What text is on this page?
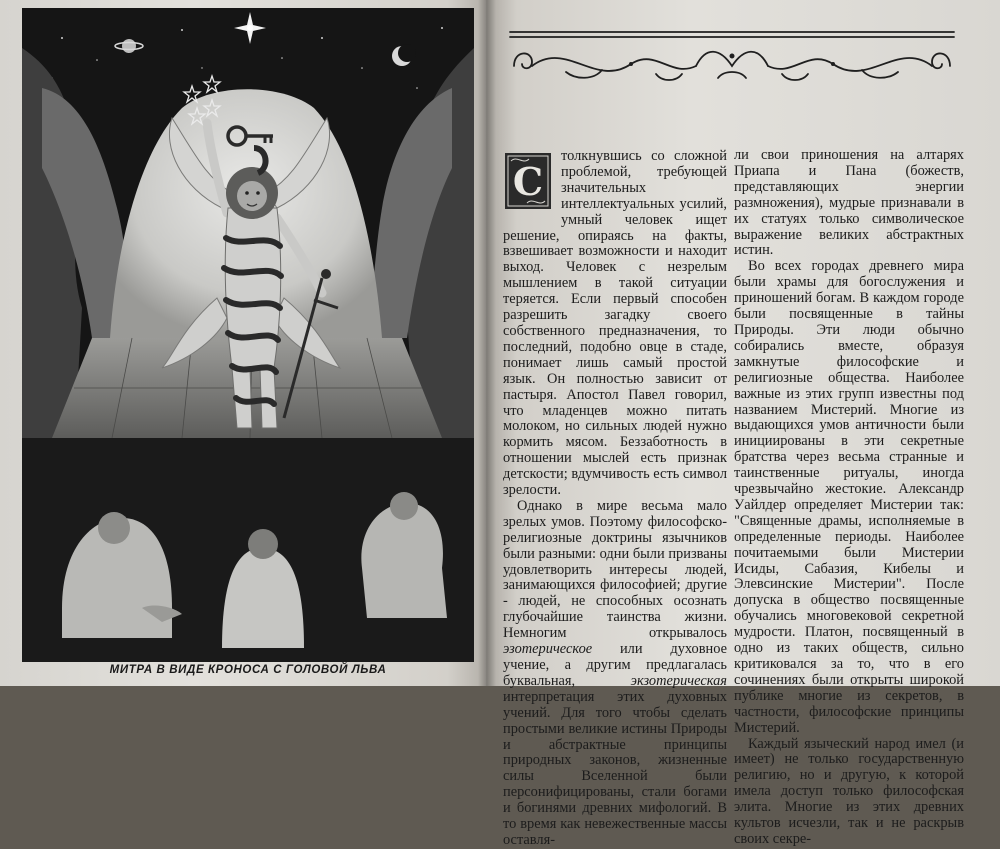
МИТРА В ВИДЕ КРОНОСА С ГОЛОВОЙ ЛЬВА
С

толкнувшись со сложной проблемой, требующей значительных интеллектуальных усилий, умный человек ищет решение, опираясь на факты, взвешивает возможности и находит выход. Человек с незрелым мышлением в такой ситуации теряется. Если первый способен разрешить загадку своего собственного предназначения, то последний, подобно овце в стаде, понимает лишь самый простой язык. Он полностью зависит от пастыря. Апостол Павел говорил, что младенцев можно питать молоком, но сильных людей нужно кормить мясом. Беззаботность в отношении мыслей есть признак детскости; вдумчивость есть символ зрелости.

Однако в мире весьма мало зрелых умов. Поэтому философско-религиозные доктрины язычников были разными: одни были призваны удовлетворить интересы людей, занимающихся философией; другие - людей, не способных осознать глубочайшие таинства жизни. Немногим открывалось эзотерическое или духовное учение, а другим предлагалась буквальная, экзотерическая интерпретация этих духовных учений. Для того чтобы сделать простыми великие истины Природы и абстрактные принципы природных законов, жизненные силы Вселенной были персонифицированы, стали богами и богинями древних мифологий. В то время как невежественные массы оставля-

ли свои приношения на алтарях Приапа и Пана (божеств, представляющих энергии размножения), мудрые признавали в их статуях только символическое выражение великих абстрактных истин.

Во всех городах древнего мира были храмы для богослужения и приношений богам. В каждом городе были посвященные в тайны Природы. Эти люди обычно собирались вместе, образуя замкнутые философские и религиозные общества. Наиболее важные из этих групп известны под названием Мистерий. Многие из выдающихся умов античности были инициированы в эти секретные братства через весьма странные и таинственные ритуалы, иногда чрезвычайно жестокие. Александр Уайлдер определяет Мистерии так: "Священные драмы, исполняемые в определенные периоды. Наиболее почитаемыми были Мистерии Исиды, Сабазия, Кибелы и Элевсинские Мистерии". После допуска в общество посвященные обучались многовековой секретной мудрости. Платон, посвященный в одно из таких обществ, сильно критиковался за то, что в его сочинениях были открыты широкой публике многие из секретов, в частности, философские принципы Мистерий.

Каждый языческий народ имел (и имеет) не только государственную религию, но и другую, к которой имела доступ только философская элита. Многие из этих древних культов исчезли, так и не раскрыв своих секре-
